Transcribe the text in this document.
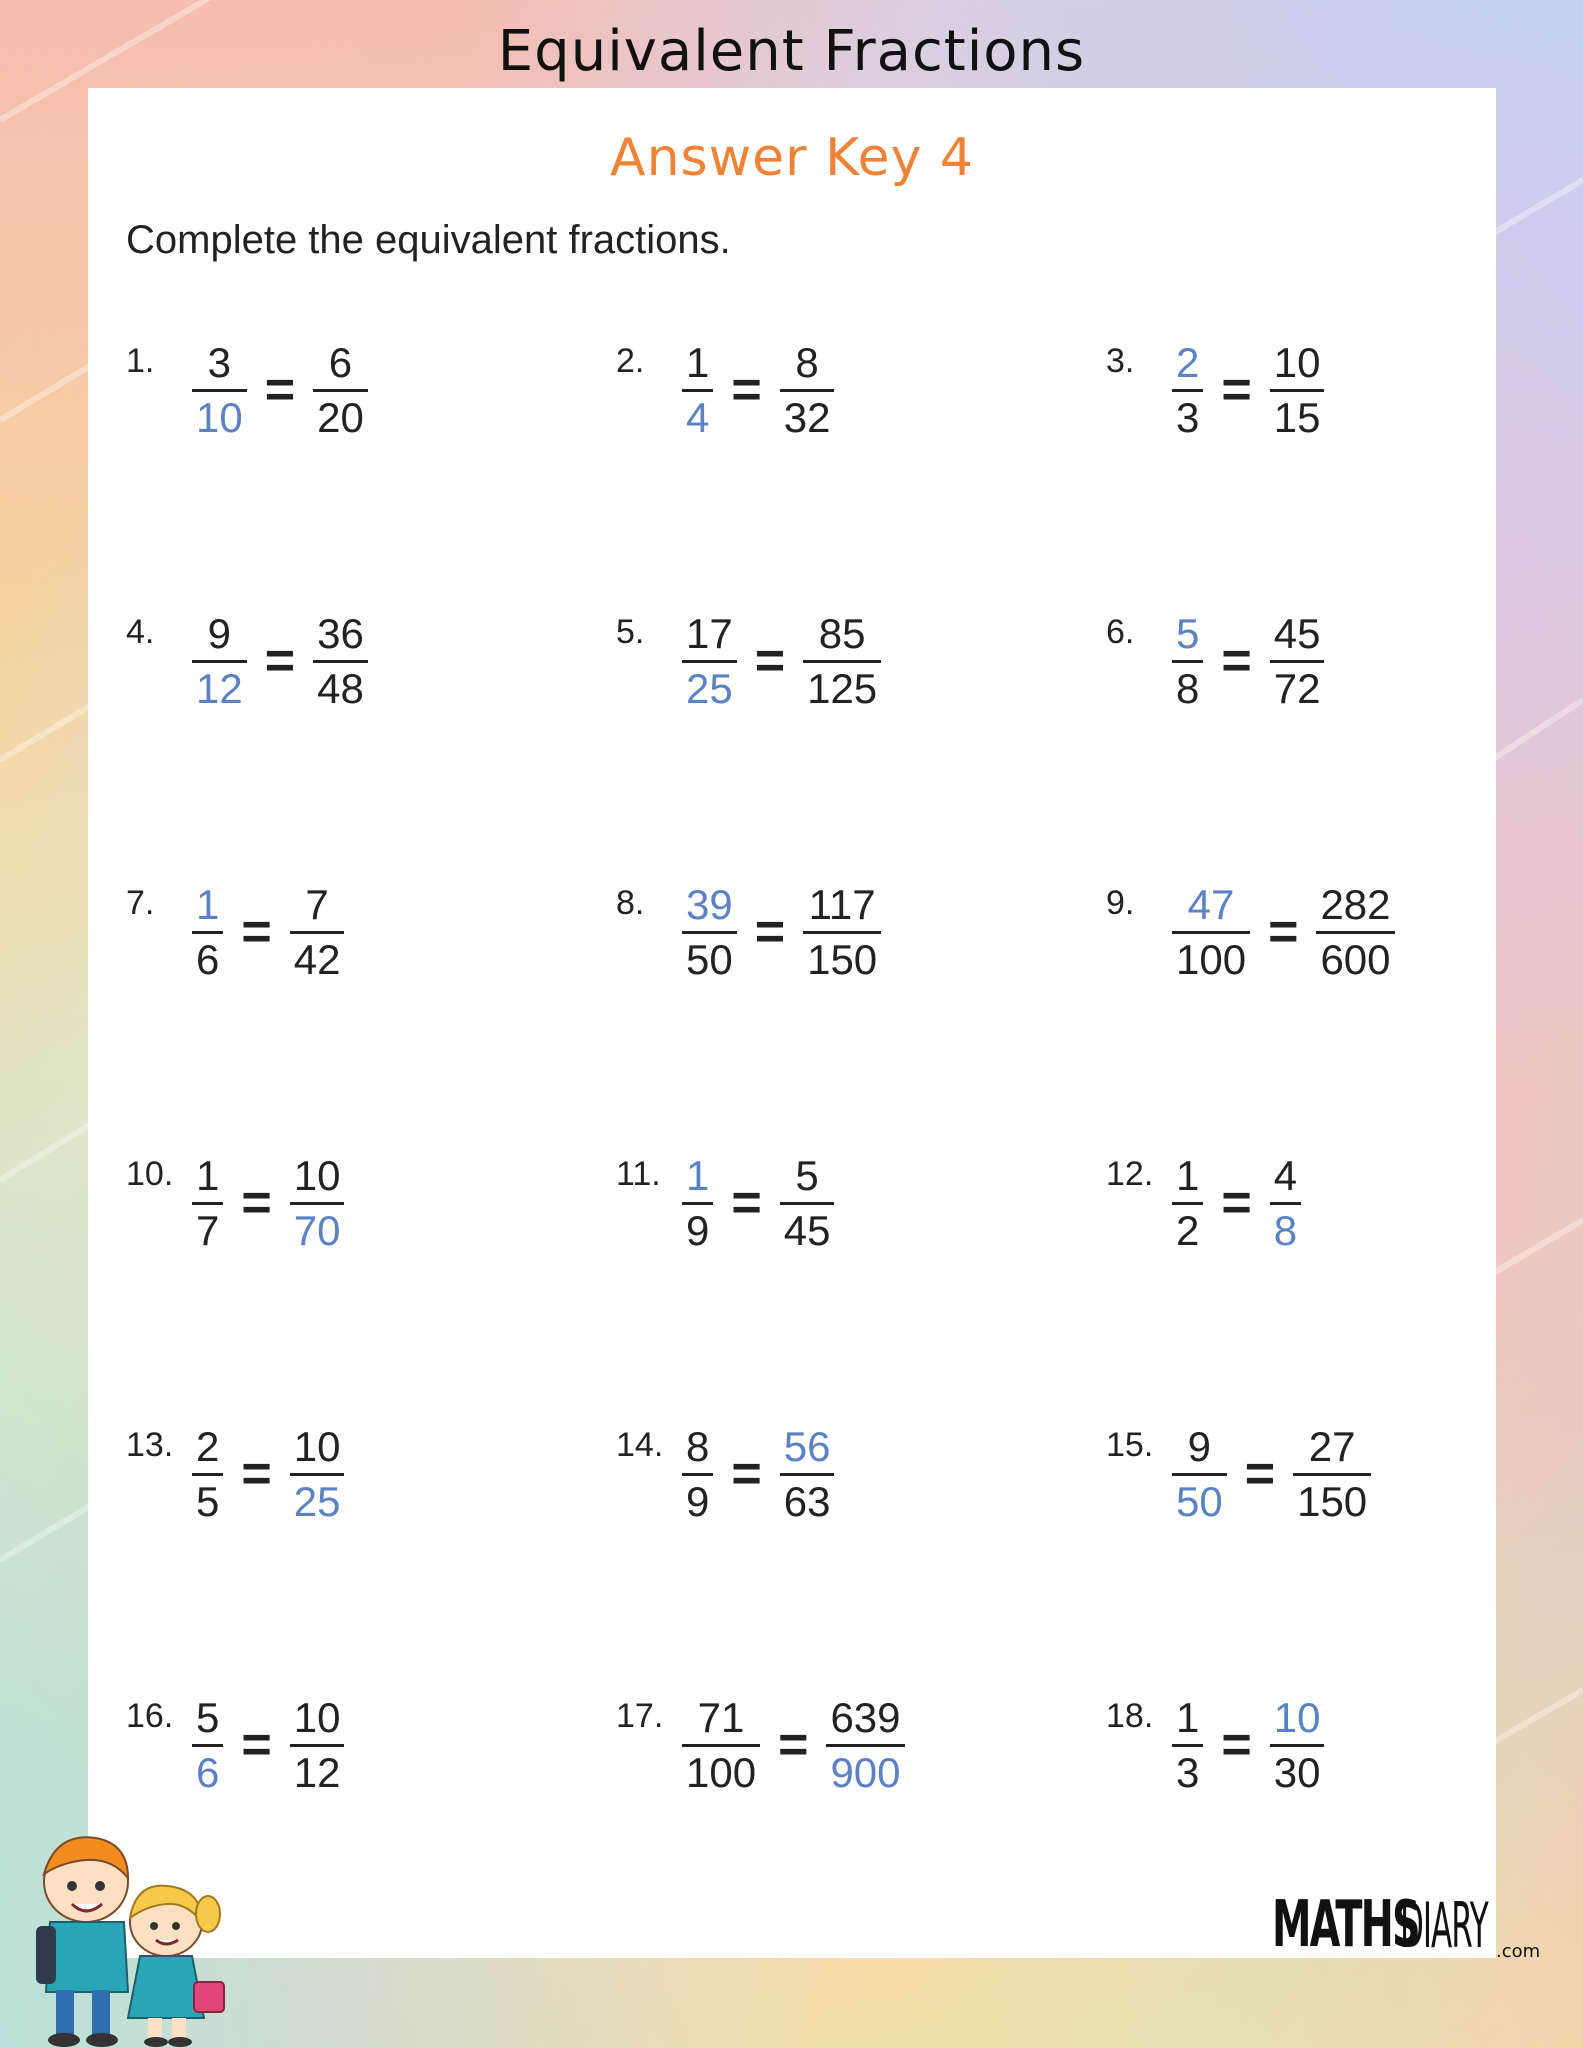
Equivalent Fractions
Answer Key 4
Complete the equivalent fractions.
1. $\frac{3}{10} = \frac{6}{20}$	2. $\frac{1}{4} = \frac{8}{32}$	3. $\frac{2}{3} = \frac{10}{15}$
4. $\frac{9}{12} = \frac{36}{48}$	5. $\frac{17}{25} = \frac{85}{125}$	6. $\frac{5}{8} = \frac{45}{72}$
7. $\frac{1}{6} = \frac{7}{42}$	8. $\frac{39}{50} = \frac{117}{150}$	9. $\frac{47}{100} = \frac{282}{600}$
10. $\frac{1}{7} = \frac{10}{70}$	11. $\frac{1}{9} = \frac{5}{45}$	12. $\frac{1}{2} = \frac{4}{8}$
13. $\frac{2}{5} = \frac{10}{25}$	14. $\frac{8}{9} = \frac{56}{63}$	15. $\frac{9}{50} = \frac{27}{150}$
16. $\frac{5}{6} = \frac{10}{12}$	17. $\frac{71}{100} = \frac{639}{900}$	18. $\frac{1}{3} = \frac{10}{30}$
MATHS
DIARY .com
